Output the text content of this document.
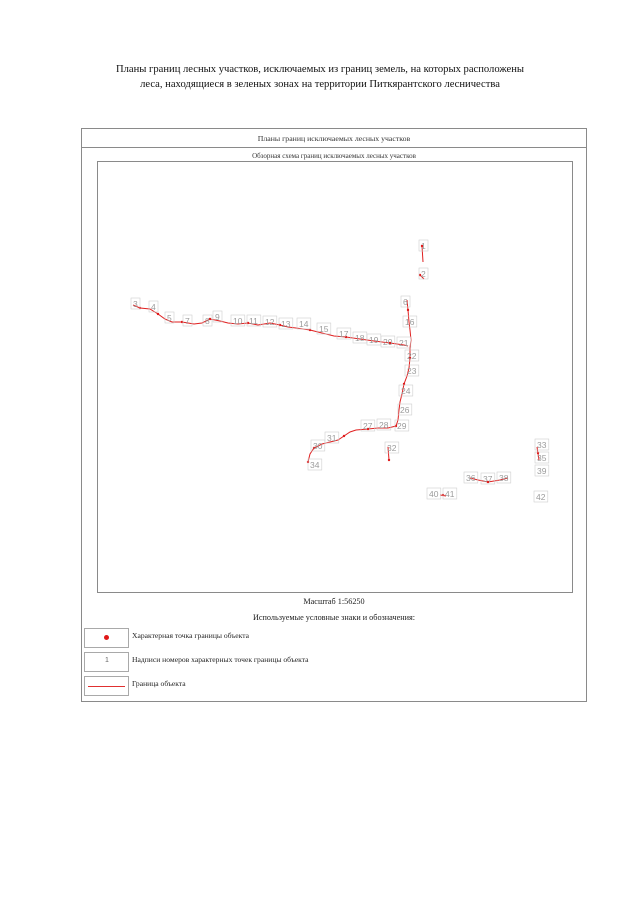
Планы границ лесных участков, исключаемых из границ земель, на которых расположены
леса, находящиеся в зеленых зонах на территории Питкярантского лесничества
Планы границ исключаемых лесных участков
Обзорная схема границ исключаемых лесных участков
1
2
3 4
5 7 8 9 10 11 12 13 14 15 17 18 19 20 21
6
16
22
23
24
26
27 28 29
30
31
32	33
35
39
34
36 37 38
40 41	42
Масштаб 1:56250
Используемые условные знаки и обозначения:
Характерная точка границы объекта
1	Надписи номеров характерных точек границы объекта
Граница объекта
